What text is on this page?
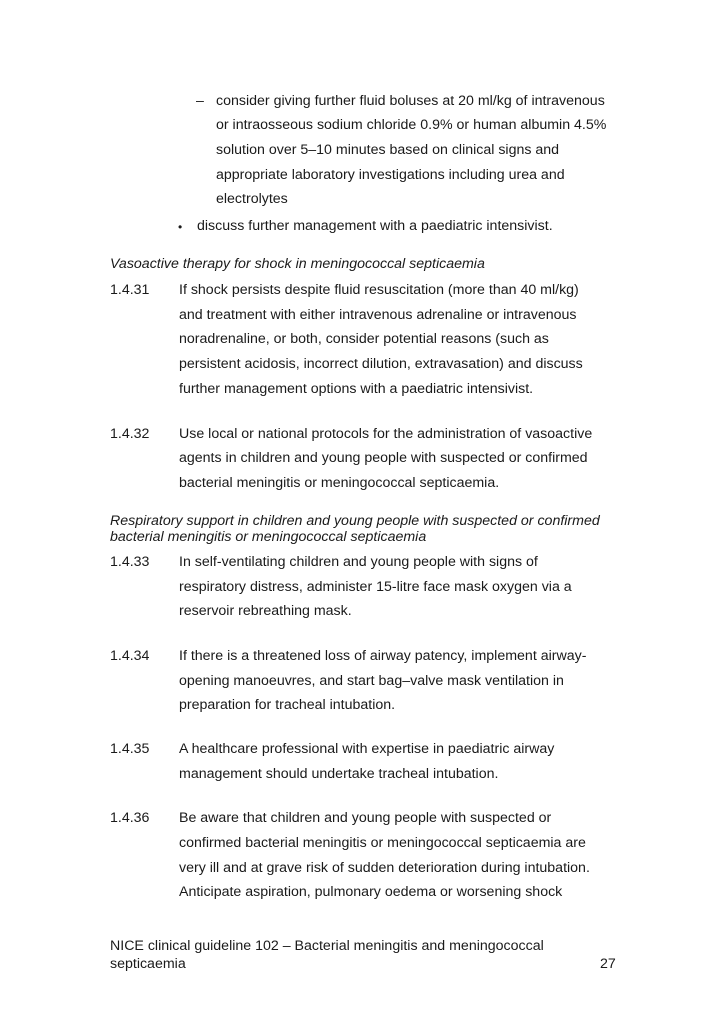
– consider giving further fluid boluses at 20 ml/kg of intravenous
or intraosseous sodium chloride 0.9% or human albumin 4.5%
solution over 5–10 minutes based on clinical signs and
appropriate laboratory investigations including urea and
electrolytes
• discuss further management with a paediatric intensivist.
Vasoactive therapy for shock in meningococcal septicaemia
1.4.31 If shock persists despite fluid resuscitation (more than 40 ml/kg)
and treatment with either intravenous adrenaline or intravenous
noradrenaline, or both, consider potential reasons (such as
persistent acidosis, incorrect dilution, extravasation) and discuss
further management options with a paediatric intensivist.
1.4.32 Use local or national protocols for the administration of vasoactive
agents in children and young people with suspected or confirmed
bacterial meningitis or meningococcal septicaemia.
Respiratory support in children and young people with suspected or confirmed
bacterial meningitis or meningococcal septicaemia
1.4.33 In self-ventilating children and young people with signs of
respiratory distress, administer 15-litre face mask oxygen via a
reservoir rebreathing mask.
1.4.34 If there is a threatened loss of airway patency, implement airway-
opening manoeuvres, and start bag–valve mask ventilation in
preparation for tracheal intubation.
1.4.35 A healthcare professional with expertise in paediatric airway
management should undertake tracheal intubation.
1.4.36 Be aware that children and young people with suspected or
confirmed bacterial meningitis or meningococcal septicaemia are
very ill and at grave risk of sudden deterioration during intubation.
Anticipate aspiration, pulmonary oedema or worsening shock
NICE clinical guideline 102 – Bacterial meningitis and meningococcal
septicaemia	27
